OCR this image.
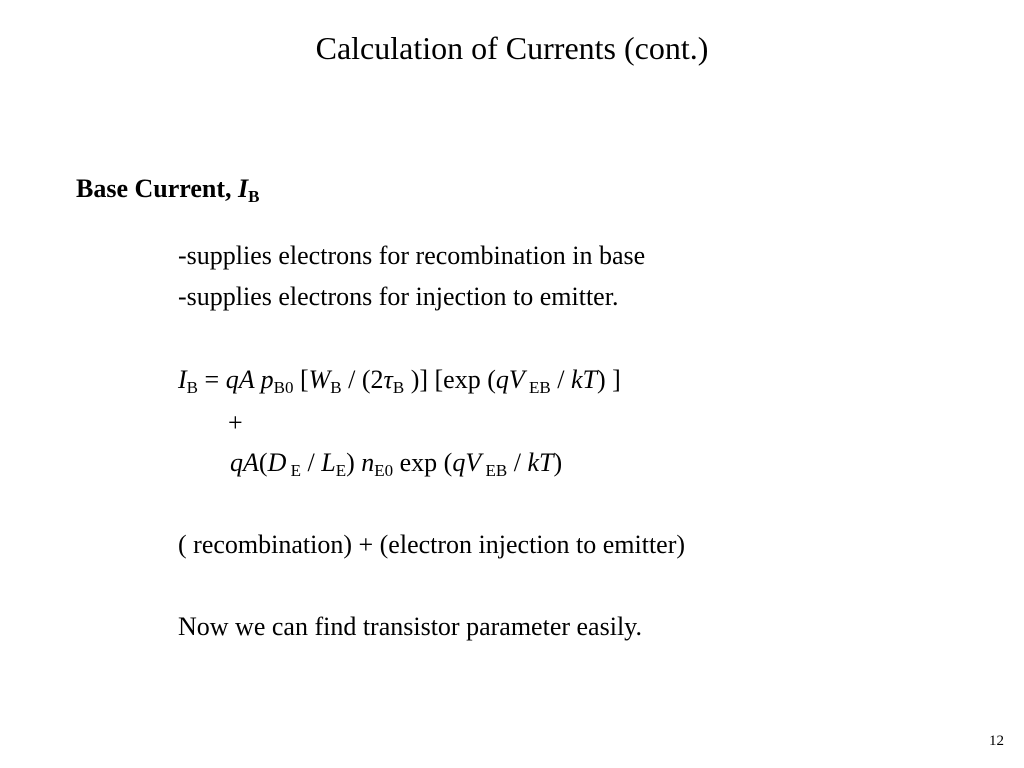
Calculation of Currents (cont.)
Base Current, $I_B$
-supplies electrons for recombination in base
-supplies electrons for injection to emitter.
$I_B$ = qA $p_{B0}$ [$W_B / (2\tau_B$ )] [exp (qV $_{EB}$ / kT) ]
+
qA(D $_E / L_E$) $n_{E0}$ exp (qV $_{EB}$ / kT)
( recombination) + (electron injection to emitter)
Now we can find transistor parameter easily.
12
